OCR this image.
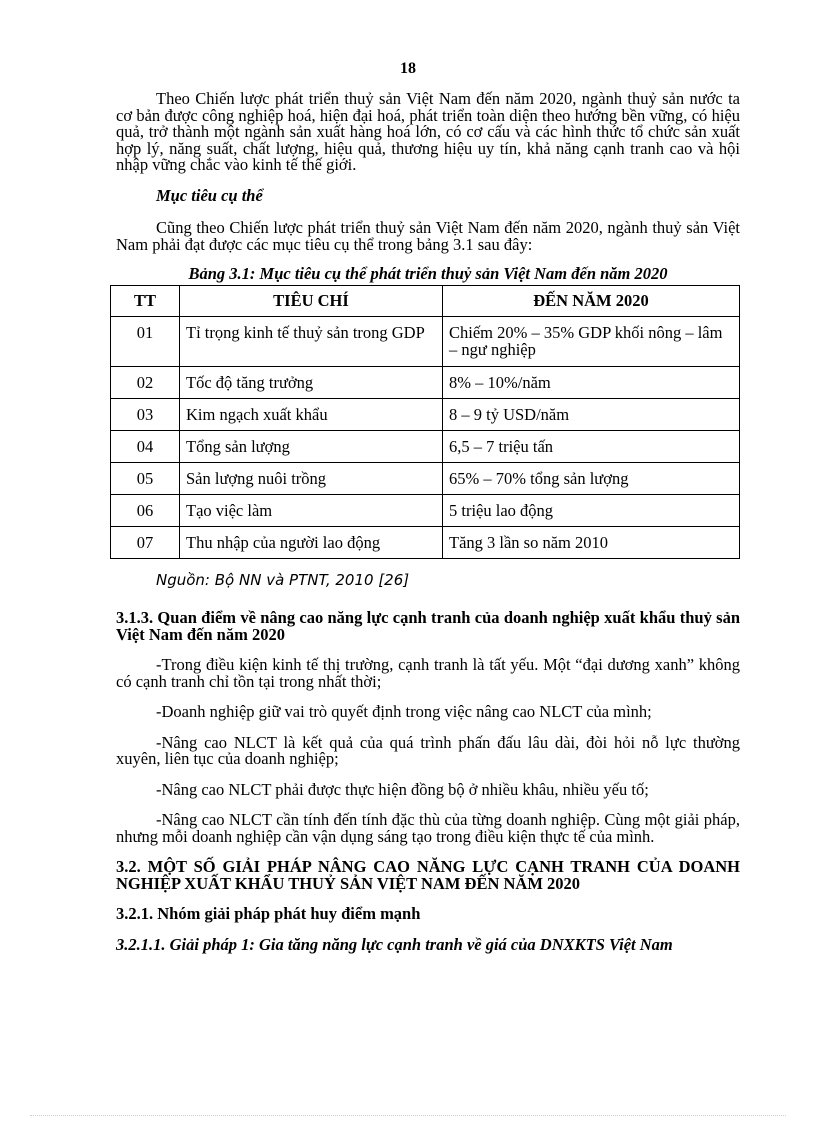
18

Theo Chiến lược phát triển thuỷ sản Việt Nam đến năm 2020, ngành thuỷ sản nước ta cơ bản được công nghiệp hoá, hiện đại hoá, phát triển toàn diện theo hướng bền vững, có hiệu quả, trở thành một ngành sản xuất hàng hoá lớn, có cơ cấu và các hình thức tổ chức sản xuất hợp lý, năng suất, chất lượng, hiệu quả, thương hiệu uy tín, khả năng cạnh tranh cao và hội nhập vững chắc vào kinh tế thế giới.

Mục tiêu cụ thể

Cũng theo Chiến lược phát triển thuỷ sản Việt Nam đến năm 2020, ngành thuỷ sản Việt Nam phải đạt được các mục tiêu cụ thể trong bảng 3.1 sau đây:

Bảng 3.1: Mục tiêu cụ thể phát triển thuỷ sản Việt Nam đến năm 2020

TT	TIÊU CHÍ	ĐẾN NĂM 2020
01	Tỉ trọng kinh tế thuỷ sản trong GDP	Chiếm 20% – 35% GDP khối nông – lâm – ngư nghiệp
02	Tốc độ tăng trưởng	8% – 10%/năm
03	Kim ngạch xuất khẩu	8 – 9 tỷ USD/năm
04	Tổng sản lượng	6,5 – 7 triệu tấn
05	Sản lượng nuôi trồng	65% – 70% tổng sản lượng
06	Tạo việc làm	5 triệu lao động
07	Thu nhập của người lao động	Tăng 3 lần so năm 2010

Nguồn: Bộ NN và PTNT, 2010 [26]

3.1.3. Quan điểm về nâng cao năng lực cạnh tranh của doanh nghiệp xuất khẩu thuỷ sản Việt Nam đến năm 2020

-Trong điều kiện kinh tế thị trường, cạnh tranh là tất yếu. Một “đại dương xanh” không có cạnh tranh chỉ tồn tại trong nhất thời;

-Doanh nghiệp giữ vai trò quyết định trong việc nâng cao NLCT của mình;

-Nâng cao NLCT là kết quả của quá trình phấn đấu lâu dài, đòi hỏi nỗ lực thường xuyên, liên tục của doanh nghiệp;

-Nâng cao NLCT phải được thực hiện đồng bộ ở nhiều khâu, nhiều yếu tố;

-Nâng cao NLCT cần tính đến tính đặc thù của từng doanh nghiệp. Cùng một giải pháp, nhưng mỗi doanh nghiệp cần vận dụng sáng tạo trong điều kiện thực tế của mình.

3.2. MỘT SỐ GIẢI PHÁP NÂNG CAO NĂNG LỰC CẠNH TRANH CỦA DOANH NGHIỆP XUẤT KHẨU THUỶ SẢN VIỆT NAM ĐẾN NĂM 2020

3.2.1. Nhóm giải pháp phát huy điểm mạnh

3.2.1.1. Giải pháp 1: Gia tăng năng lực cạnh tranh về giá của DNXKTS Việt Nam
